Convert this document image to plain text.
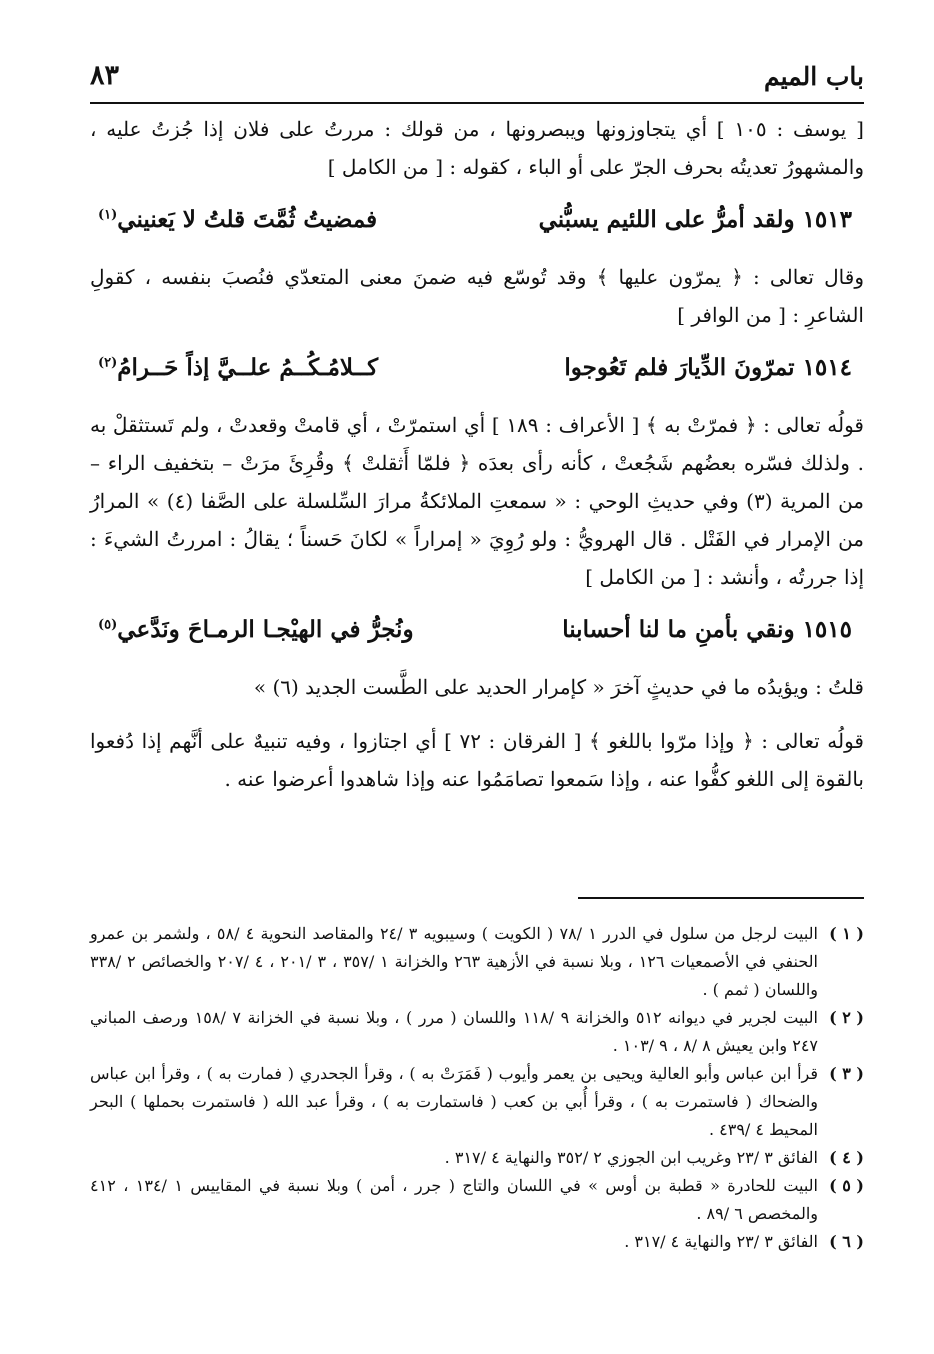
باب الميم
٨٣
[ يوسف : ١٠٥ ] أي يتجاوزونها ويبصرونها ، من قولك : مررتُ على فلان إذا جُزتُ عليه ، والمشهورُ تعديتُه بحرف الجرّ على أو الباء ، كقوله : [ من الكامل ]
١٥١٣ ولقد أمرُّ على اللئيم يسبُّني
فمضيتُ ثُمَّتَ قلتُ لا يَعنيني$^{(١)}$
وقال تعالى : ﴿ يمرّون عليها ﴾ وقد تُوسّع فيه ضمنَ معنى المتعدّي فنُصبَ بنفسه ، كقولِ الشاعرِ : [ من الوافر ]
١٥١٤ تمرّونَ الدِّيارَ فلم تَعُوجوا
كــلامُـكُــمُ علــيَّ إذاً حَــرامُ$^{(٢)}$
قولُه تعالى : ﴿ فمرّتْ به ﴾ [ الأعراف : ١٨٩ ] أي استمرّتْ ، أي قامتْ وقعدتْ ، ولم تَستثقلْ به . ولذلك فسّره بعضُهم شَجُعتْ ، كأنه رأى بعدَه ﴿ فلمّا أَثقلتْ ﴾ وقُرِئَ مرَتْ – بتخفيف الراء – من المرية (٣) وفي حديثِ الوحي : « سمعتِ الملائكةُ مرارَ السِّلسلة على الصَّفا (٤) » المرارُ من الإمرار في الفَتْل . قال الهرويُّ : ولو رُوِيَ « إمراراً » لكانَ حَسناً ؛ يقالُ : امررتُ الشيءَ : إذا جررتُه ، وأنشد : [ من الكامل ]
١٥١٥ ونقي بأمنِ ما لنا أحسابنا
ونُجرُّ في الهيْجـا الرمـاحَ ونَدَّعي$^{(٥)}$
قلتُ : ويؤيدُه ما في حديثٍ آخرَ « كإمرار الحديد على الطَّست الجديد (٦) »
قولُه تعالى : ﴿ وإذا مرّوا باللغو ﴾ [ الفرقان : ٧٢ ] أي اجتازوا ، وفيه تنبيهٌ على أنَّهم إذا دُفعوا بالقوة إلى اللغو كفُّوا عنه ، وإذا سَمعوا تصامَمُوا عنه وإذا شاهدوا أعرضوا عنه .
( ١ )
البيت لرجل من سلول في الدرر ١ /٧٨ ( الكويت ) وسيبويه ٣ /٢٤ والمقاصد النحوية ٤ /٥٨ ، ولشمر بن عمرو الحنفي في الأصمعيات ١٢٦ ، وبلا نسبة في الأزهية ٢٦٣ والخزانة ١ /٣٥٧ ، ٣ /٢٠١ ، ٤ /٢٠٧ والخصائص ٢ /٣٣٨ واللسان ( ثمم ) .
( ٢ )
البيت لجرير في ديوانه ٥١٢ والخزانة ٩ /١١٨ واللسان ( مرر ) ، وبلا نسبة في الخزانة ٧ /١٥٨ ورصف المباني ٢٤٧ وابن يعيش ٨ /٨ ، ٩ /١٠٣ .
( ٣ )
قرأ ابن عباس وأبو العالية ويحيى بن يعمر وأيوب ( فَمَرَتْ به ) ، وقرأ الجحدري ( فمارت به ) ، وقرأ ابن عباس والضحاك ( فاستمرت به ) ، وقرأ أُبي بن كعب ( فاستمارت به ) ، وقرأ عبد الله ( فاستمرت بحملها ) البحر المحيط ٤ /٤٣٩ .
( ٤ )
الفائق ٣ /٢٣ وغريب ابن الجوزي ٢ /٣٥٢ والنهاية ٤ /٣١٧ .
( ٥ )
البيت للحادرة « قطبة بن أوس » في اللسان والتاج ( جرر ، أمن ) وبلا نسبة في المقاييس ١ /١٣٤ ، ٤١٢ والمخصص ٦ /٨٩ .
( ٦ )
الفائق ٣ /٢٣ والنهاية ٤ /٣١٧ .
